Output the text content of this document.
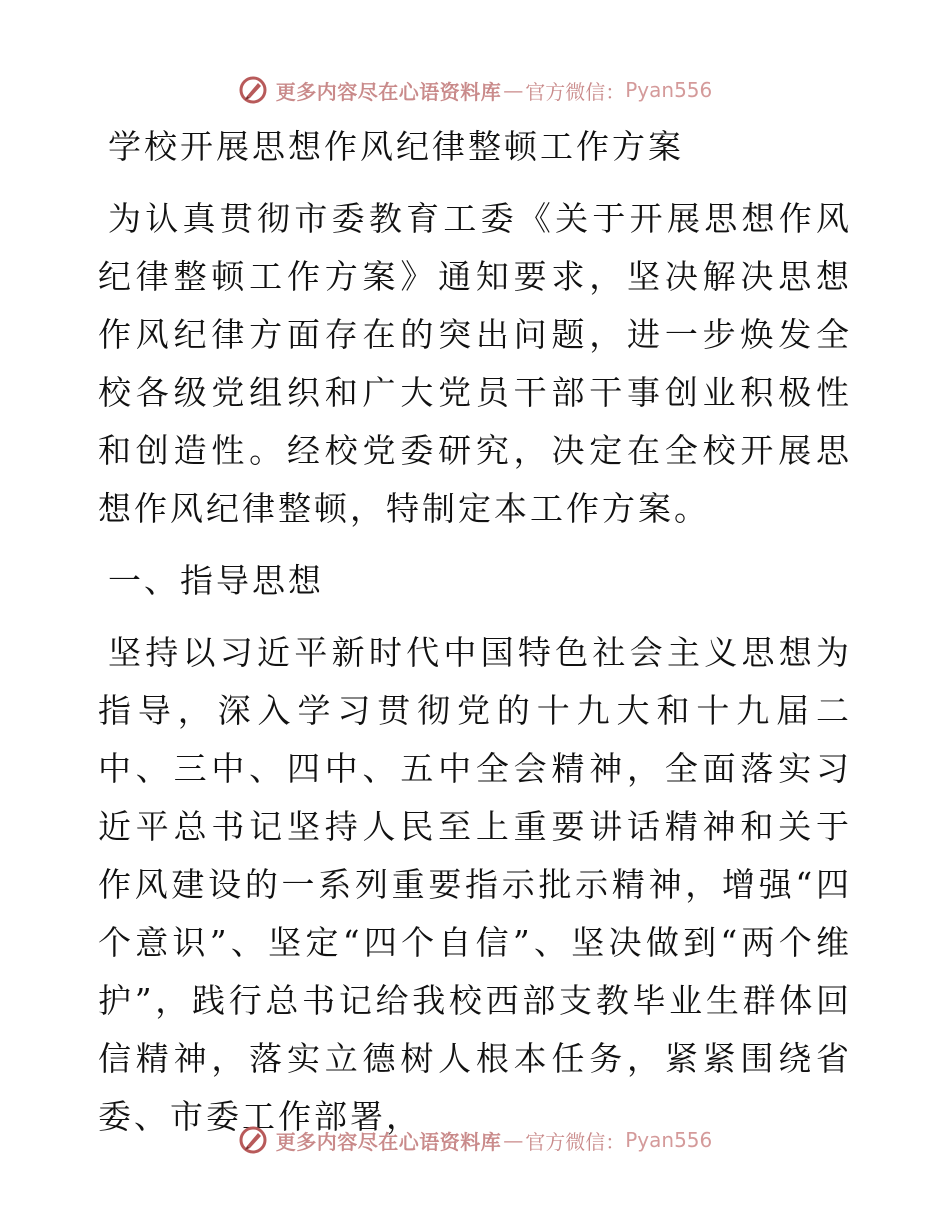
更多内容尽在心语资料库 — 官方微信： Pyan556

学校开展思想作风纪律整顿工作方案

为认真贯彻市委教育工委《关于开展思想作风纪律整顿工作方案》通知要求，坚决解决思想作风纪律方面存在的突出问题，进一步焕发全校各级党组织和广大党员干部干事创业积极性和创造性。经校党委研究，决定在全校开展思想作风纪律整顿，特制定本工作方案。

一、指导思想

坚持以习近平新时代中国特色社会主义思想为指导，深入学习贯彻党的十九大和十九届二中、三中、四中、五中全会精神，全面落实习近平总书记坚持人民至上重要讲话精神和关于作风建设的一系列重要指示批示精神，增强“四个意识”、坚定“四个自信”、坚决做到“两个维护”，践行总书记给我校西部支教毕业生群体回信精神，落实立德树人根本任务，紧紧围绕省委、市委工作部署，

更多内容尽在心语资料库 — 官方微信： Pyan556
